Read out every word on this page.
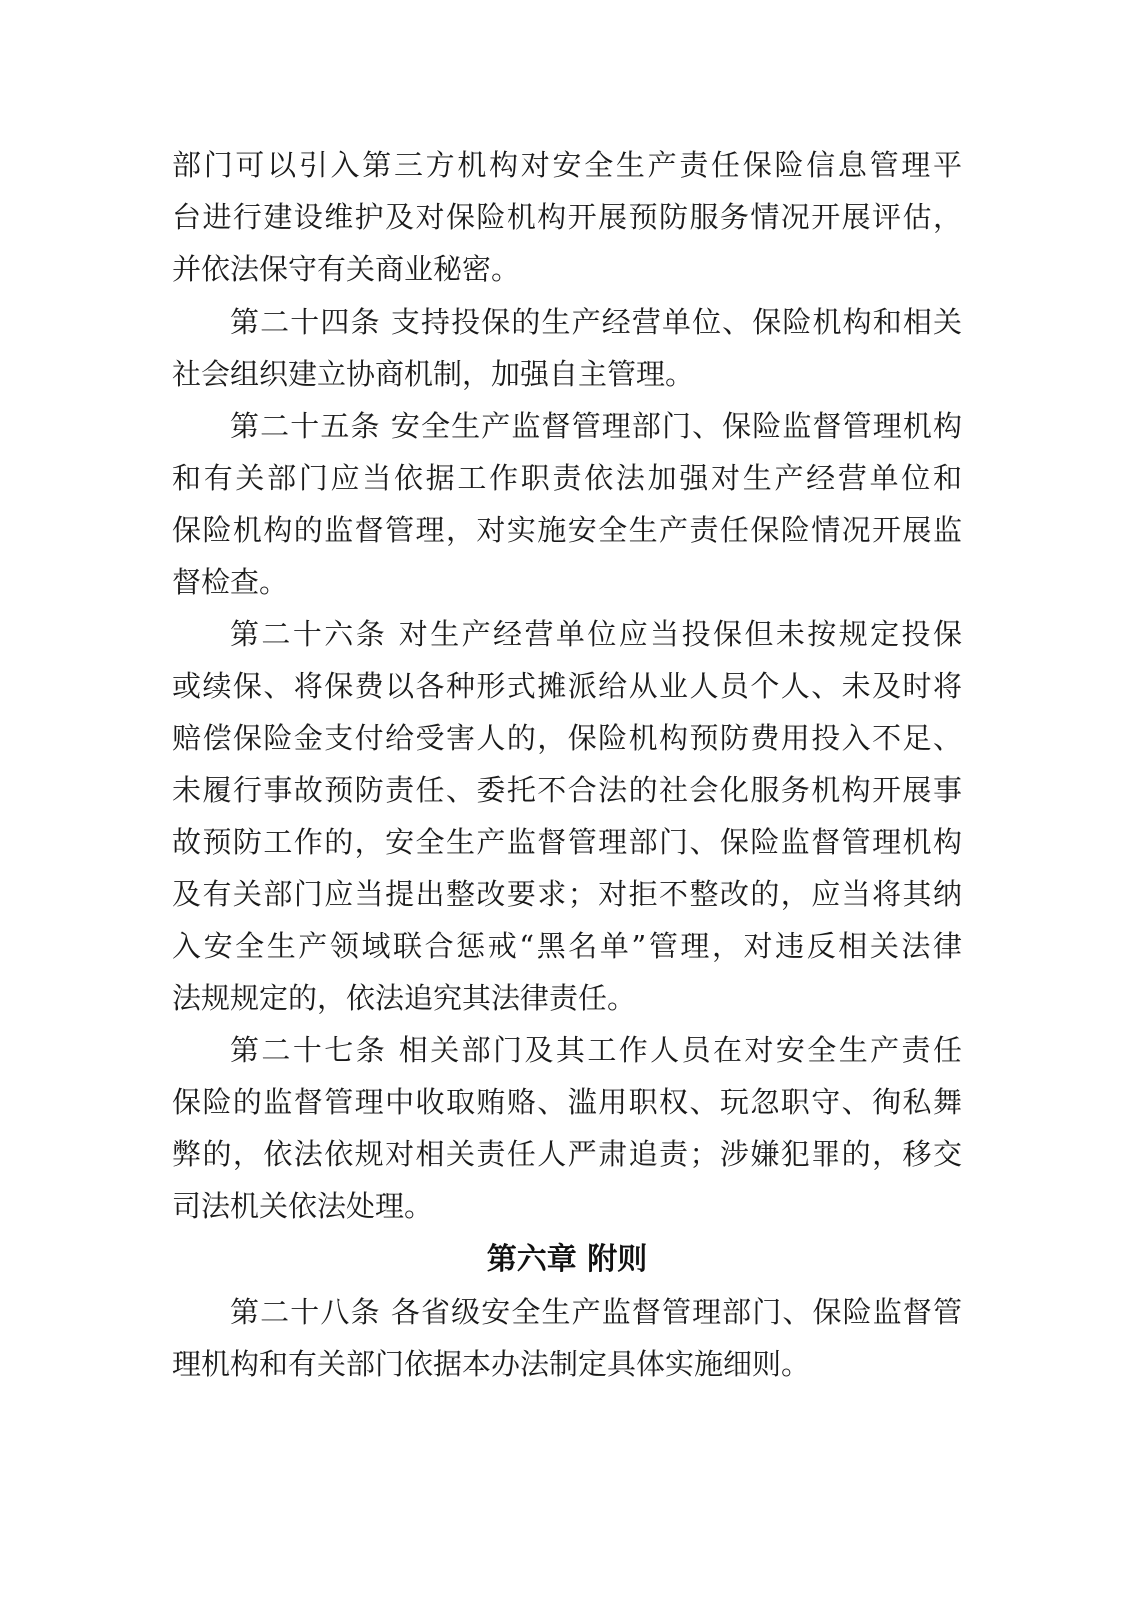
部门可以引入第三方机构对安全生产责任保险信息管理平
台进行建设维护及对保险机构开展预防服务情况开展评估，
并依法保守有关商业秘密。
第二十四条 支持投保的生产经营单位、保险机构和相关
社会组织建立协商机制，加强自主管理。
第二十五条 安全生产监督管理部门、保险监督管理机构
和有关部门应当依据工作职责依法加强对生产经营单位和
保险机构的监督管理，对实施安全生产责任保险情况开展监
督检查。
第二十六条 对生产经营单位应当投保但未按规定投保
或续保、将保费以各种形式摊派给从业人员个人、未及时将
赔偿保险金支付给受害人的，保险机构预防费用投入不足、
未履行事故预防责任、委托不合法的社会化服务机构开展事
故预防工作的，安全生产监督管理部门、保险监督管理机构
及有关部门应当提出整改要求；对拒不整改的，应当将其纳
入安全生产领域联合惩戒“黑名单”管理，对违反相关法律
法规规定的，依法追究其法律责任。
第二十七条 相关部门及其工作人员在对安全生产责任
保险的监督管理中收取贿赂、滥用职权、玩忽职守、徇私舞
弊的，依法依规对相关责任人严肃追责；涉嫌犯罪的，移交
司法机关依法处理。
第六章 附则
第二十八条 各省级安全生产监督管理部门、保险监督管
理机构和有关部门依据本办法制定具体实施细则。
